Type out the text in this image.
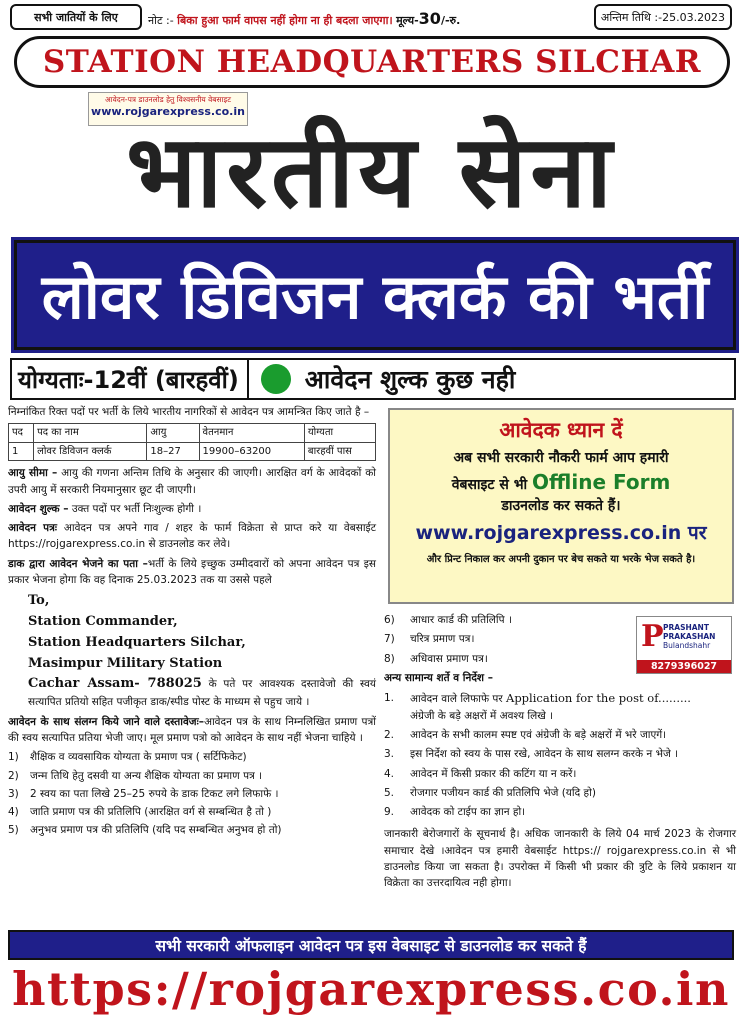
सभी जातियों के लिए	नोट :- बिका हुआ फार्म वापस नहीं होगा ना ही बदला जाएगा। मूल्य-30/-रु.	अन्तिम तिथि :-25.03.2023
STATION HEADQUARTERS SILCHAR
आवेदन-पत्र डाउनलोड हेतु विश्वसनीय वेबसाइट
www.rojgarexpress.co.in
भारतीय सेना
लोवर डिविजन क्लर्क की भर्ती
योग्यताः-12वीं (बारहवीं)	आवेदन शुल्क कुछ नही

निम्नांकित रिक्त पदों पर भर्ती के लिये भारतीय नागरिकों से आवेदन पत्र आमन्त्रित किए जाते है –

पद	पद का नाम	आयु	वेतनमान	योग्यता
1	लोवर डिविजन क्लर्क	18–27	19900–63200	बारहवीं पास

आयु सीमा – आयु की गणना अन्तिम तिथि के अनुसार की जाएगी। आरक्षित वर्ग के आवेदकों को उपरी आयु में सरकारी नियमानुसार छूट दी जाएगी।

आवेदन शुल्क – उक्त पदों पर भर्ती निःशुल्क होगी ।

आवेदन पत्रः आवेदन पत्र अपने गाव / शहर के फार्म विक्रेता से प्राप्त करे या वेबसाईट https://rojgarexpress.co.in से डाउनलोड कर लेवे।

डाक द्वारा आवेदन भेजने का पता –भर्ती के लिये इच्छुक उम्मीदवारों को अपना आवेदन पत्र इस प्रकार भेजना होगा कि वह दिनाक 25.03.2023 तक या उससे पहले

To,
Station Commander,
Station Headquarters Silchar,
Masimpur Military Station

Cachar Assam- 788025 के पते पर आवश्यक दस्तावेजो की स्वयं सत्यापित प्रतियो सहित पजीकृत डाक/स्पीड पोस्ट के माध्यम से पहुच जाये ।

आवेदन के साथ संलग्न किये जाने वाले दस्तावेजः–आवेदन पत्र के साथ निम्नलिखित प्रमाण पत्रों की स्वय सत्यापित प्रतिया भेजी जाए। मूल प्रमाण पत्रो को आवेदन के साथ नहीं भेजना चाहिये ।

1)	शैक्षिक व व्यवसायिक योग्यता के प्रमाण पत्र ( सर्टिफिकेट)
2)	जन्म तिथि हेतु दसवी या अन्य शैक्षिक योग्यता का प्रमाण पत्र ।
3)	2 स्वय का पता लिखे 25–25 रुपये के डाक टिकट लगे लिफाफे ।
4)	जाति प्रमाण पत्र की प्रतिलिपि (आरक्षित वर्ग से सम्बन्धित है तो )
5)	अनुभव प्रमाण पत्र की प्रतिलिपि (यदि पद सम्बन्धित अनुभव हो तो)
आवेदक ध्यान दें
अब सभी सरकारी नौकरी फार्म आप हमारी
वेबसाइट से भी Offline Form
डाउनलोड कर सकते हैं।
www.rojgarexpress.co.in पर
और प्रिन्ट निकाल कर अपनी दुकान पर बेच सकते या भरके भेज सकते है।
P PRASHANT
PRAKASHAN
Bulandshahr
8279396027
6)	आधार कार्ड की प्रतिलिपि ।
7)	चरित्र प्रमाण पत्र।
8)	अधिवास प्रमाण पत्र।
अन्य सामान्य शर्ते व निर्देश –
1.	आवेदन वाले लिफाफे पर Application for the post of.........
अंग्रेजी के बड़े अक्षरों में अवश्य लिखे ।
2.	आवेदन के सभी कालम स्पष्ट एवं अंग्रेजी के बड़े अक्षरों में भरे जाएगें।
3.	इस निर्देश को स्वय के पास रखे, आवेदन के साथ सलग्न करके न भेजे ।
4.	आवेदन में किसी प्रकार की कटिंग या न करें।
5.	रोजगार पजीयन कार्ड की प्रतिलिपि भेजे (यदि हो)
9.	आवेदक को टाईप का ज्ञान हो।

जानकारी बेरोजगारों के सूचनार्थ है। अधिक जानकारी के लिये 04 मार्च 2023 के रोजगार समाचार देखे ।आवेदन पत्र हमारी वेबसाईट https:// rojgarexpress.co.in से भी डाउनलोड किया जा सकता है। उपरोक्त में किसी भी प्रकार की त्रुटि के लिये प्रकाशन या विक्रेता का उत्तरदायित्व नही होगा।

सभी सरकारी ऑफलाइन आवेदन पत्र इस वेबसाइट से डाउनलोड कर सकते हैं
https://rojgarexpress.co.in
